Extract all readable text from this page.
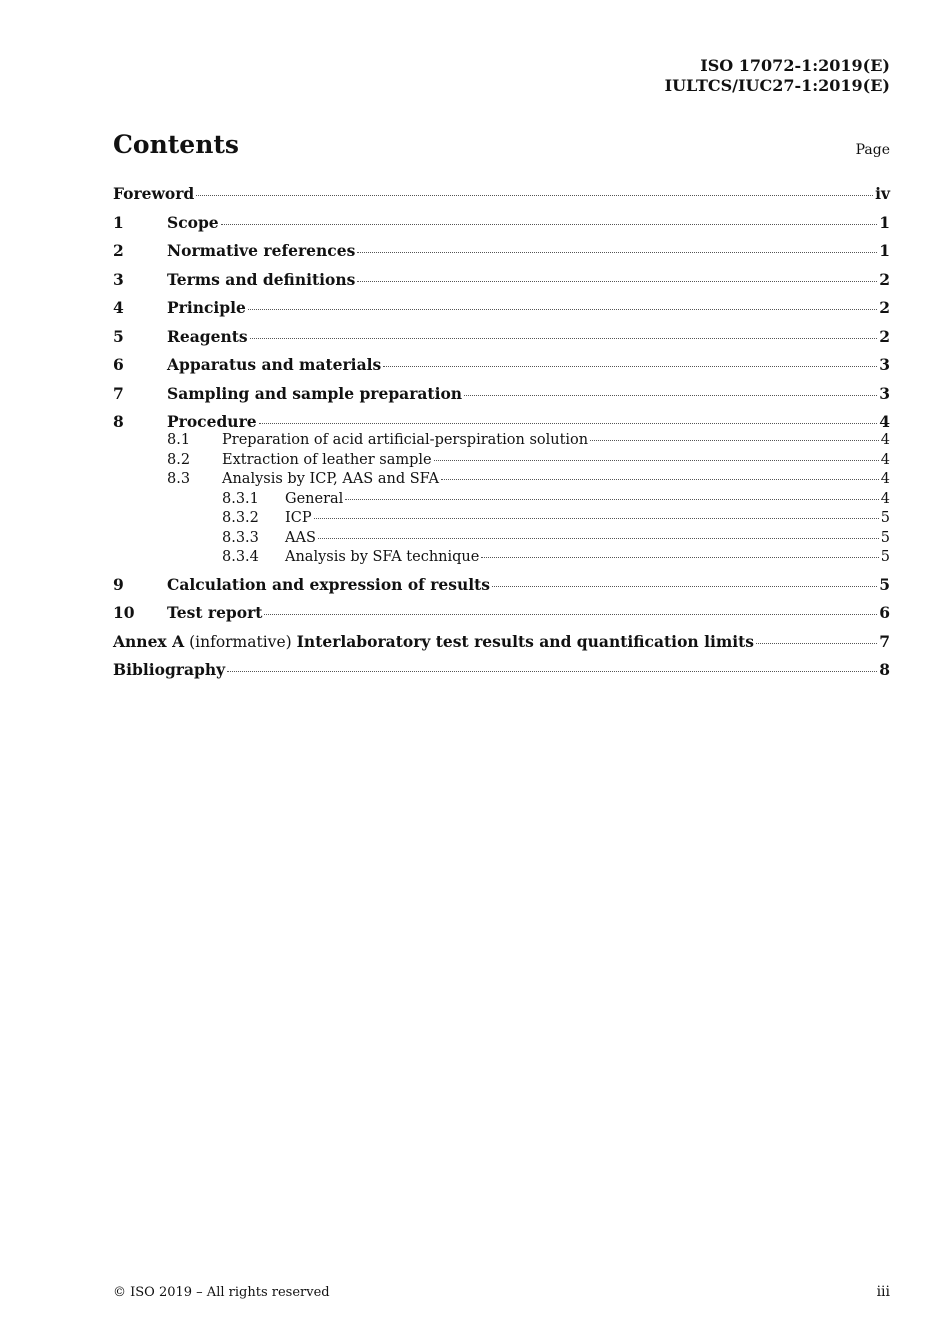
ISO 17072-1:2019(E)
IULTCS/IUC27-1:2019(E)
Contents	Page
Foreword	iv
1	Scope	1
2	Normative references	1
3	Terms and definitions	2
4	Principle	2
5	Reagents	2
6	Apparatus and materials	3
7	Sampling and sample preparation	3
8	Procedure	4
8.1	Preparation of acid artificial-perspiration solution	4
8.2	Extraction of leather sample	4
8.3	Analysis by ICP, AAS and SFA	4
8.3.1	General	4
8.3.2	ICP	5
8.3.3	AAS	5
8.3.4	Analysis by SFA technique	5
9	Calculation and expression of results	5
10	Test report	6
Annex A (informative) Interlaboratory test results and quantification limits	7
Bibliography	8
© ISO 2019 – All rights reserved	iii
